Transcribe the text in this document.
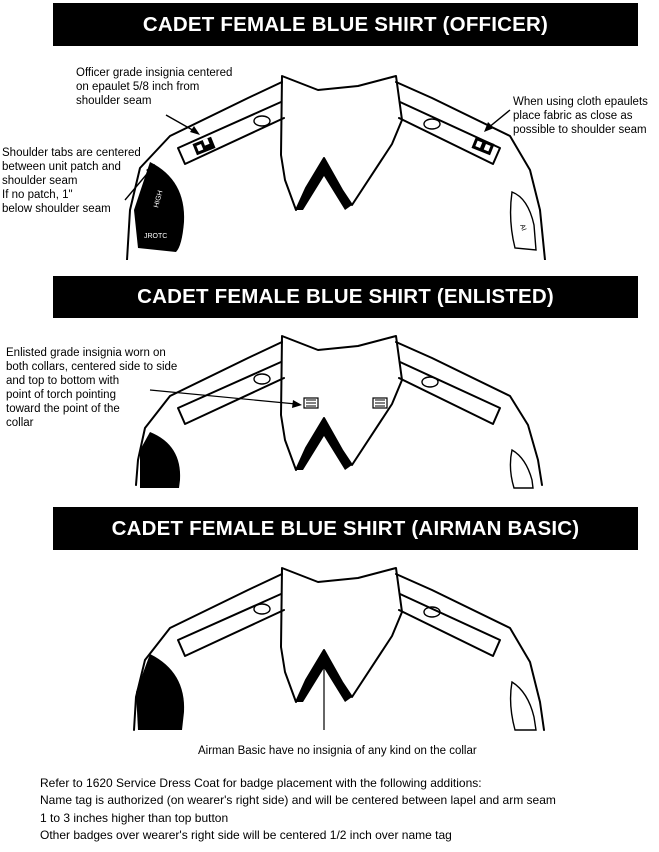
CADET FEMALE BLUE SHIRT (OFFICER)
Officer grade insignia centered
on epaulet 5/8 inch from
shoulder seam
Shoulder tabs are centered
between unit patch and
shoulder seam
If no patch, 1"
below shoulder seam
When using cloth epaulets
place fabric as close as
possible to shoulder seam
HIGH
JROTC
AI
CADET FEMALE BLUE SHIRT (ENLISTED)
Enlisted grade insignia worn on
both collars, centered side to side
and top to bottom with
point of torch pointing
toward the point of the
collar
CADET FEMALE BLUE SHIRT (AIRMAN BASIC)
Airman Basic have no insignia of any kind on the collar
Refer to 1620 Service Dress Coat for badge placement with the following additions:
Name tag is authorized (on wearer's right side) and will be centered between lapel and arm seam
1 to 3 inches higher than top button
Other badges over wearer's right side will be centered 1/2 inch over name tag
